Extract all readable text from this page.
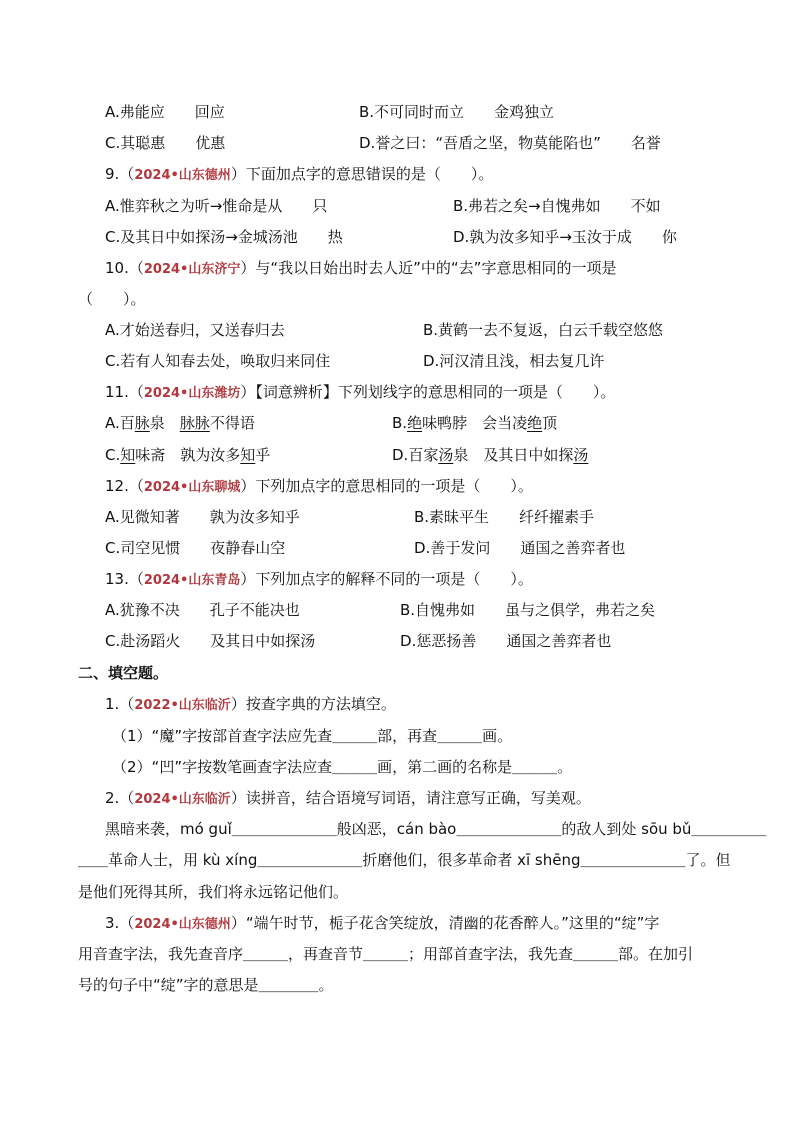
A.弗能应　　回应	B.不可同时而立　　金鸡独立
C.其聪惠　　优惠	D.誉之曰：“吾盾之坚，物莫能陷也”　　名誉
9.（2024•山东德州）下面加点字的意思错误的是（　　）。
A.惟弈秋之为听→惟命是从　　只	B.弗若之矣→自愧弗如　　不如
C.及其日中如探汤→金城汤池　　热	D.孰为汝多知乎→玉汝于成　　你
10.（2024•山东济宁）与“我以日始出时去人近”中的“去”字意思相同的一项是
（　　）。
A.才始送春归，又送春归去	B.黄鹤一去不复返，白云千载空悠悠
C.若有人知春去处，唤取归来同住	D.河汉清且浅，相去复几许
11.（2024•山东潍坊）【词意辨析】下列划线字的意思相同的一项是（　　）。
A.百脉泉　脉脉不得语	B.绝味鸭脖　会当凌绝顶
C.知味斋　孰为汝多知乎	D.百家汤泉　及其日中如探汤
12.（2024•山东聊城）下列加点字的意思相同的一项是（　　）。
A.见微知著　　孰为汝多知乎	B.素昧平生　　纤纤擢素手
C.司空见惯　　夜静春山空	D.善于发问　　通国之善弈者也
13.（2024•山东青岛）下列加点字的解释不同的一项是（　　）。
A.犹豫不决　　孔子不能决也	B.自愧弗如　　虽与之俱学，弗若之矣
C.赴汤蹈火　　及其日中如探汤	D.惩恶扬善　　通国之善弈者也
二、填空题。
1.（2022•山东临沂）按查字典的方法填空。
（1）“魔”字按部首查字法应先查＿＿＿部，再查＿＿＿画。
（2）“凹”字按数笔画查字法应查＿＿＿画，第二画的名称是＿＿＿。
2.（2024•山东临沂）读拼音，结合语境写词语，请注意写正确，写美观。
黑暗来袭，mó guǐ＿＿＿＿＿＿＿般凶恶，cán bào＿＿＿＿＿＿＿的敌人到处 sōu bǔ＿＿＿＿＿
＿＿革命人士，用 kù xíng＿＿＿＿＿＿＿折磨他们，很多革命者 xī shēng＿＿＿＿＿＿＿了。但
是他们死得其所，我们将永远铭记他们。
3.（2024•山东德州）“端午时节，栀子花含笑绽放，清幽的花香醉人。”这里的“绽”字
用音查字法，我先查音序＿＿＿，再查音节＿＿＿；用部首查字法，我先查＿＿＿部。在加引
号的句子中“绽”字的意思是＿＿＿＿。
